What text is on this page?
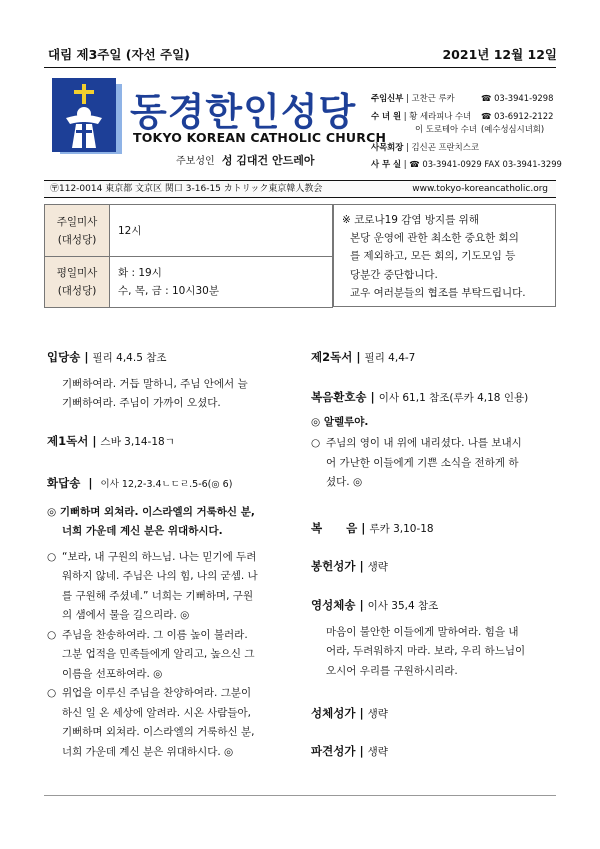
대림 제3주일 (자선 주일)	2021년 12월 12일
동경한인성당
TOKYO KOREAN CATHOLIC CHURCH
주보성인 성 김대건 안드레아
주임신부 | 고찬근 루카	☎ 03-3941-9298
수 녀 원 | 황 세라피나 수녀 ☎ 03-6912-2122
이 도로테아 수녀 (예수성심시녀회)
사목회장 | 김신곤 프란치스코
사 무 실 | ☎ 03-3941-0929 FAX 03-3941-3299
〶112-0014 東京都 文京区 関口 3-16-15 カトリック東京韓人教会	www.tokyo-koreancatholic.org
주일미사
(대성당)	12시
평일미사
(대성당)	화 : 19시
수, 목, 금 : 10시30분
※ 코로나19 감염 방지를 위해
본당 운영에 관한 최소한 중요한 회의
를 제외하고, 모든 회의, 기도모임 등
당분간 중단합니다.
교우 여러분들의 협조를 부탁드립니다.
입당송 | 필리 4,4.5 참조
기뻐하여라. 거듭 말하니, 주님 안에서 늘
기뻐하여라. 주님이 가까이 오셨다.
제1독서 | 스바 3,14-18ㄱ
화답송 | 이사 12,2-3.4ㄴㄷㄹ.5-6(◎ 6)
◎ 기뻐하며 외쳐라. 이스라엘의 거룩하신 분,
너희 가운데 계신 분은 위대하시다.
○ “보라, 내 구원의 하느님. 나는 믿기에 두려
워하지 않네. 주님은 나의 힘, 나의 굳셈. 나
를 구원해 주셨네.” 너희는 기뻐하며, 구원
의 샘에서 물을 길으리라. ◎
○ 주님을 찬송하여라. 그 이름 높이 불러라.
그분 업적을 민족들에게 알리고, 높으신 그
이름을 선포하여라. ◎
○ 위업을 이루신 주님을 찬양하여라. 그분이
하신 일 온 세상에 알려라. 시온 사람들아,
기뻐하며 외쳐라. 이스라엘의 거룩하신 분,
너희 가운데 계신 분은 위대하시다. ◎
제2독서 | 필리 4,4-7
복음환호송 | 이사 61,1 참조(루카 4,18 인용)
◎ 알렐루야.
○ 주님의 영이 내 위에 내리셨다. 나를 보내시
어 가난한 이들에게 기쁜 소식을 전하게 하
셨다. ◎
복      음 | 루카 3,10-18
봉헌성가 | 생략
영성체송 | 이사 35,4 참조
마음이 불안한 이들에게 말하여라. 힘을 내
어라, 두려워하지 마라. 보라, 우리 하느님이
오시어 우리를 구원하시리라.
성체성가 | 생략
파견성가 | 생략
